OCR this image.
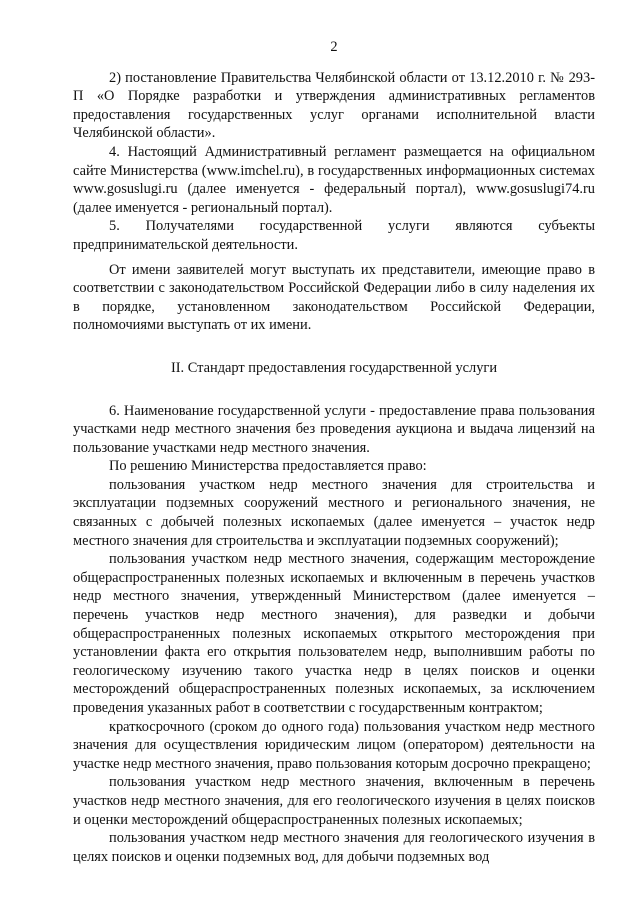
2

2) постановление Правительства Челябинской области от 13.12.2010 г. № 293-П «О Порядке разработки и утверждения административных регламентов предоставления государственных услуг органами исполнительной власти Челябинской области».

4. Настоящий Административный регламент размещается на официальном сайте Министерства (www.imchel.ru), в государственных информационных системах www.gosuslugi.ru (далее именуется - федеральный портал), www.gosuslugi74.ru (далее именуется - региональный портал).

5. Получателями государственной услуги являются субъекты предпринимательской деятельности.

От имени заявителей могут выступать их представители, имеющие право в соответствии с законодательством Российской Федерации либо в силу наделения их в порядке, установленном законодательством Российской Федерации, полномочиями выступать от их имени.

II. Стандарт предоставления государственной услуги

6. Наименование государственной услуги - предоставление права пользования участками недр местного значения без проведения аукциона и выдача лицензий на пользование участками недр местного значения.

По решению Министерства предоставляется право:

пользования участком недр местного значения для строительства и эксплуатации подземных сооружений местного и регионального значения, не связанных с добычей полезных ископаемых (далее именуется – участок недр местного значения для строительства и эксплуатации подземных сооружений);

пользования участком недр местного значения, содержащим месторождение общераспространенных полезных ископаемых и включенным в перечень участков недр местного значения, утвержденный Министерством (далее именуется – перечень участков недр местного значения), для разведки и добычи общераспространенных полезных ископаемых открытого месторождения при установлении факта его открытия пользователем недр, выполнившим работы по геологическому изучению такого участка недр в целях поисков и оценки месторождений общераспространенных полезных ископаемых, за исключением проведения указанных работ в соответствии с государственным контрактом;

краткосрочного (сроком до одного года) пользования участком недр местного значения для осуществления юридическим лицом (оператором) деятельности на участке недр местного значения, право пользования которым досрочно прекращено;

пользования участком недр местного значения, включенным в перечень участков недр местного значения, для его геологического изучения в целях поисков и оценки месторождений общераспространенных полезных ископаемых;

пользования участком недр местного значения для геологического изучения в целях поисков и оценки подземных вод, для добычи подземных вод
